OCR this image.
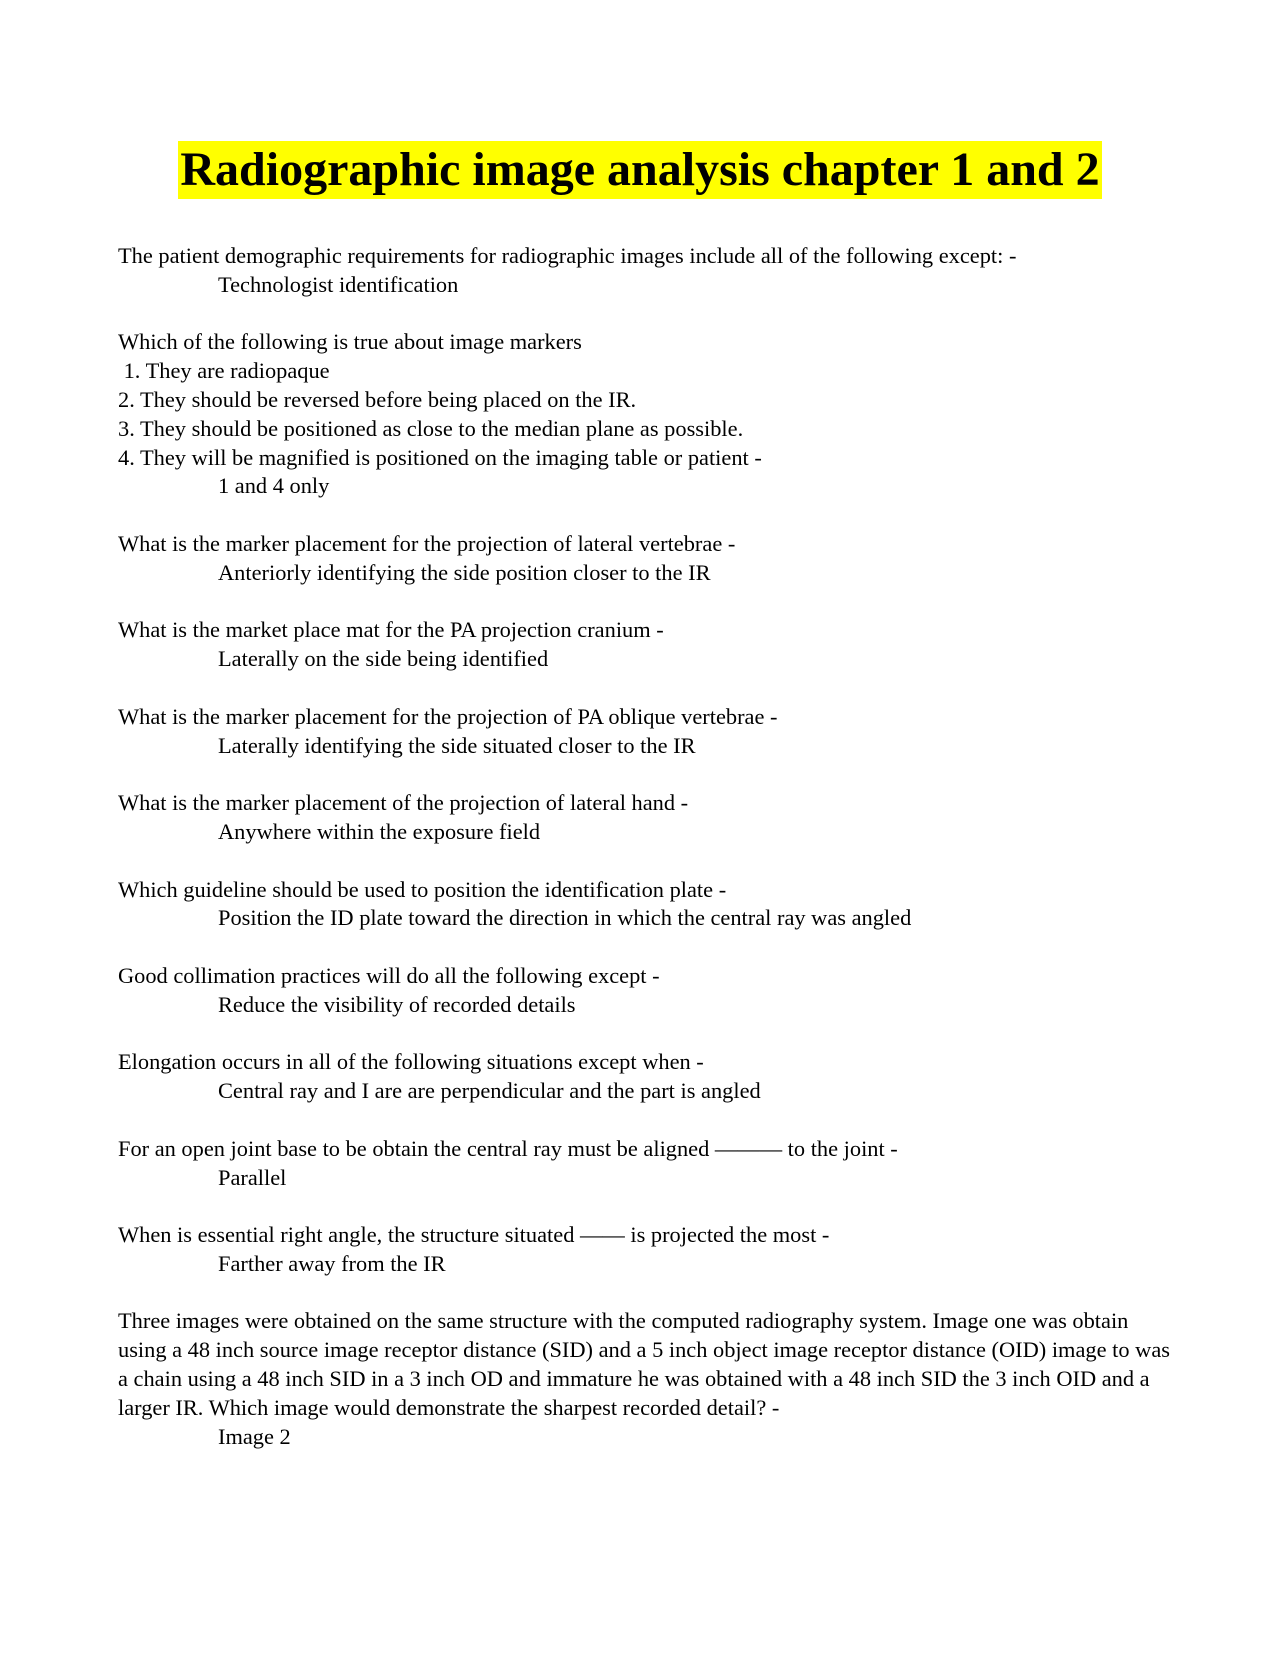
Radiographic image analysis chapter 1 and 2
The patient demographic requirements for radiographic images include all of the following except: -
Technologist identification
Which of the following is true about image markers
1. They are radiopaque
2. They should be reversed before being placed on the IR.
3. They should be positioned as close to the median plane as possible.
4. They will be magnified is positioned on the imaging table or patient -
1 and 4 only
What is the marker placement for the projection of lateral vertebrae -
Anteriorly identifying the side position closer to the IR
What is the market place mat for the PA projection cranium -
Laterally on the side being identified
What is the marker placement for the projection of PA oblique vertebrae -
Laterally identifying the side situated closer to the IR
What is the marker placement of the projection of lateral hand -
Anywhere within the exposure field
Which guideline should be used to position the identification plate -
Position the ID plate toward the direction in which the central ray was angled
Good collimation practices will do all the following except -
Reduce the visibility of recorded details
Elongation occurs in all of the following situations except when -
Central ray and I are are perpendicular and the part is angled
For an open joint base to be obtain the central ray must be aligned ——— to the joint -
Parallel
When is essential right angle, the structure situated —— is projected the most -
Farther away from the IR
Three images were obtained on the same structure with the computed radiography system. Image one was obtain using a 48 inch source image receptor distance (SID) and a 5 inch object image receptor distance (OID) image to was a chain using a 48 inch SID in a 3 inch OD and immature he was obtained with a 48 inch SID the 3 inch OID and a larger IR. Which image would demonstrate the sharpest recorded detail? -
Image 2
